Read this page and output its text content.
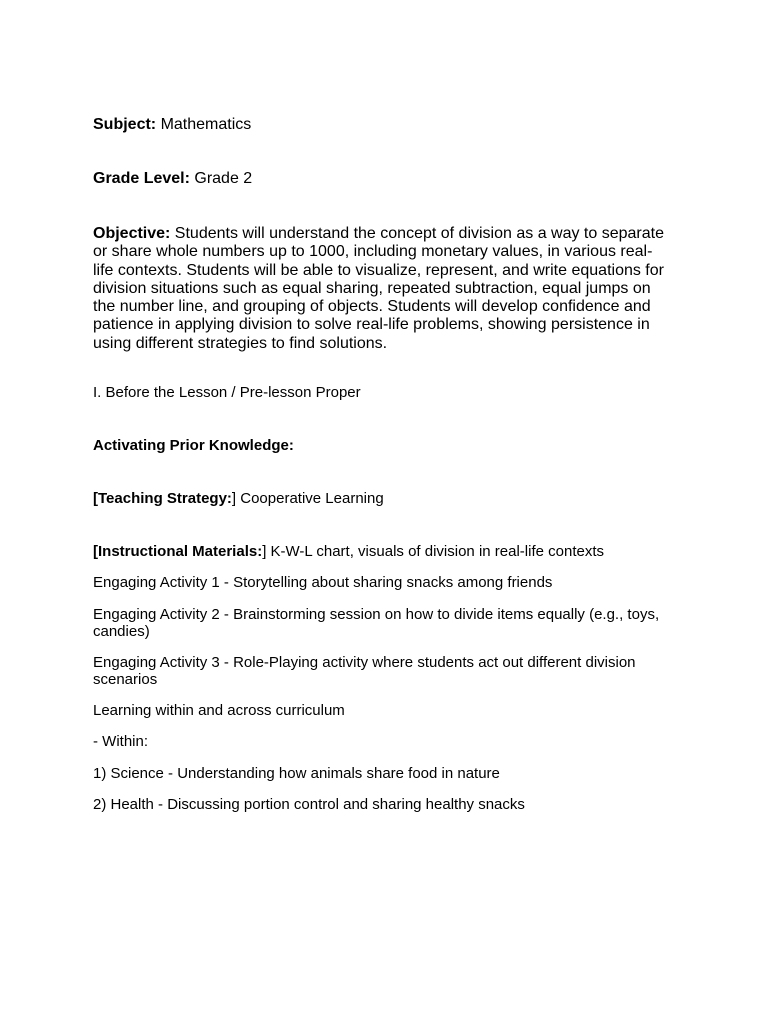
Subject: Mathematics

Grade Level: Grade 2

Objective: Students will understand the concept of division as a way to separate or share whole numbers up to 1000, including monetary values, in various real-life contexts. Students will be able to visualize, represent, and write equations for division situations such as equal sharing, repeated subtraction, equal jumps on the number line, and grouping of objects. Students will develop confidence and patience in applying division to solve real-life problems, showing persistence in using different strategies to find solutions.

I. Before the Lesson / Pre-lesson Proper

Activating Prior Knowledge:

[Teaching Strategy:] Cooperative Learning

[Instructional Materials:] K-W-L chart, visuals of division in real-life contexts

Engaging Activity 1 - Storytelling about sharing snacks among friends

Engaging Activity 2 - Brainstorming session on how to divide items equally (e.g., toys, candies)

Engaging Activity 3 - Role-Playing activity where students act out different division scenarios

Learning within and across curriculum

- Within:

1) Science - Understanding how animals share food in nature

2) Health - Discussing portion control and sharing healthy snacks
